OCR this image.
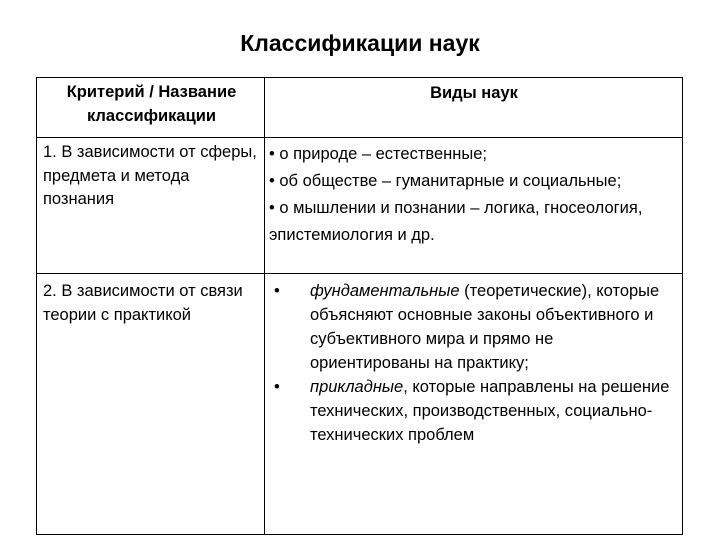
Классификации наук
Критерий / Название классификации
Виды наук
1. В зависимости от сферы, предмета и метода познания
• о природе – естественные;
• об обществе – гуманитарные и социальные;
• о мышлении и познании – логика, гносеология, эпистемиология и др.
2. В зависимости от связи теории с практикой
• фундаментальные (теоретические), которые объясняют основные законы объективного и субъективного мира и прямо не ориентированы на практику;
• прикладные, которые направлены на решение технических, производственных, социально-технических проблем
